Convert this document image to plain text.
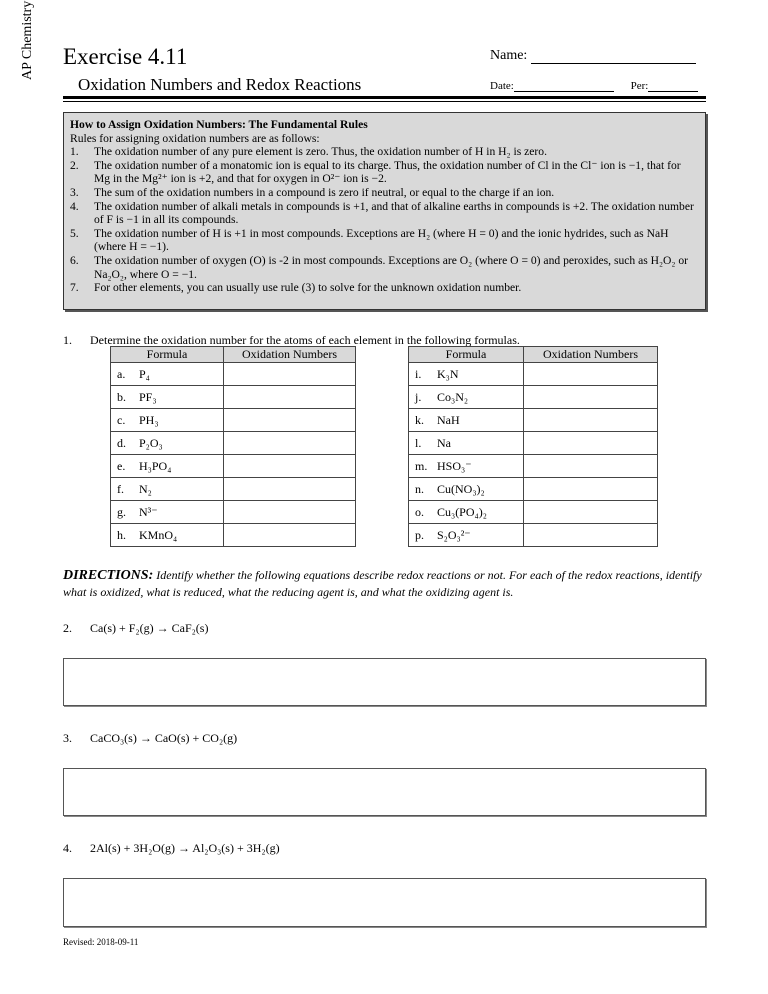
AP Chemistry Exercise 4.11
Oxidation Numbers and Redox Reactions
Name:
Date:	Per:
How to Assign Oxidation Numbers: The Fundamental Rules
Rules for assigning oxidation numbers are as follows:
1.	The oxidation number of any pure element is zero. Thus, the oxidation number of H in H₂ is zero.
2.	The oxidation number of a monatomic ion is equal to its charge. Thus, the oxidation number of Cl in the Cl⁻ ion is −1, that for Mg in the Mg²⁺ ion is +2, and that for oxygen in O²⁻ ion is −2.
3.	The sum of the oxidation numbers in a compound is zero if neutral, or equal to the charge if an ion.
4.	The oxidation number of alkali metals in compounds is +1, and that of alkaline earths in compounds is +2. The oxidation number of F is −1 in all its compounds.
5.	The oxidation number of H is +1 in most compounds. Exceptions are H₂ (where H = 0) and the ionic hydrides, such as NaH (where H = −1).
6.	The oxidation number of oxygen (O) is -2 in most compounds. Exceptions are O₂ (where O = 0) and peroxides, such as H₂O₂ or Na₂O₂, where O = −1.
7.	For other elements, you can usually use rule (3) to solve for the unknown oxidation number.
1. Determine the oxidation number for the atoms of each element in the following formulas.
Formula	Oxidation Numbers
a. P₄	
b. PF₃	
c. PH₃	
d. P₂O₃	
e. H₃PO₄	
f. N₂	
g. N³⁻	
h. KMnO₄	
Formula	Oxidation Numbers
i. K₃N	
j. Co₃N₂	
k. NaH	
l. Na	
m. HSO₃⁻	
n. Cu(NO₃)₂	
o. Cu₃(PO₄)₂	
p. S₂O₃²⁻	
DIRECTIONS: Identify whether the following equations describe redox reactions or not. For each of the redox reactions, identify what is oxidized, what is reduced, what the reducing agent is, and what the oxidizing agent is.
2. Ca(s) + F₂(g) → CaF₂(s)
3. CaCO₃(s) → CaO(s) + CO₂(g)
4. 2Al(s) + 3H₂O(g) → Al₂O₃(s) + 3H₂(g)
Revised: 2018-09-11
